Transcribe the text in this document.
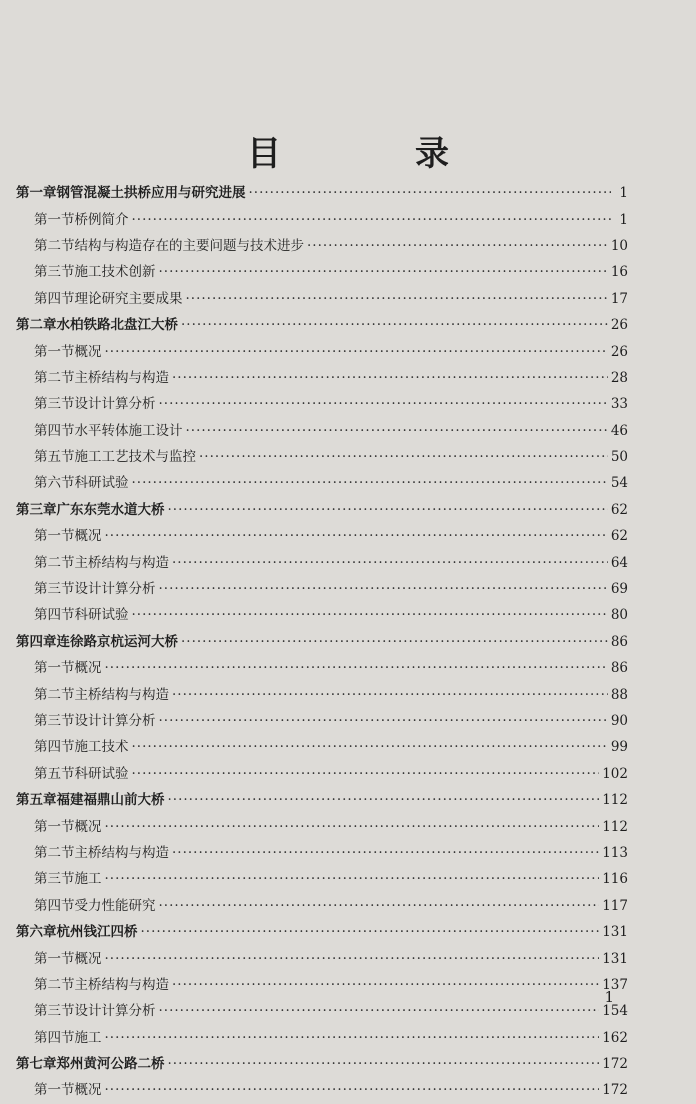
目　录
第一章 钢管混凝土拱桥应用与研究进展 ·····	1
第一节 桥例简介 ·····	1
第二节 结构与构造存在的主要问题与技术进步 ·····	10
第三节 施工技术创新 ·····	16
第四节 理论研究主要成果 ·····	17
第二章 水柏铁路北盘江大桥 ·····	26
第一节 概况 ·····	26
第二节 主桥结构与构造 ·····	28
第三节 设计计算分析 ·····	33
第四节 水平转体施工设计 ·····	46
第五节 施工工艺技术与监控 ·····	50
第六节 科研试验 ·····	54
第三章 广东东莞水道大桥 ·····	62
第一节 概况 ·····	62
第二节 主桥结构与构造 ·····	64
第三节 设计计算分析 ·····	69
第四节 科研试验 ·····	80
第四章 连徐路京杭运河大桥 ·····	86
第一节 概况 ·····	86
第二节 主桥结构与构造 ·····	88
第三节 设计计算分析 ·····	90
第四节 施工技术 ·····	99
第五节 科研试验 ·····	102
第五章 福建福鼎山前大桥 ·····	112
第一节 概况 ·····	112
第二节 主桥结构与构造 ·····	113
第三节 施工 ·····	116
第四节 受力性能研究 ·····	117
第六章 杭州钱江四桥 ·····	131
第一节 概况 ·····	131
第二节 主桥结构与构造 ·····	137
第三节 设计计算分析 ·····	154
第四节 施工 ·····	162
第七章 郑州黄河公路二桥 ·····	172
第一节 概况 ·····	172
1
